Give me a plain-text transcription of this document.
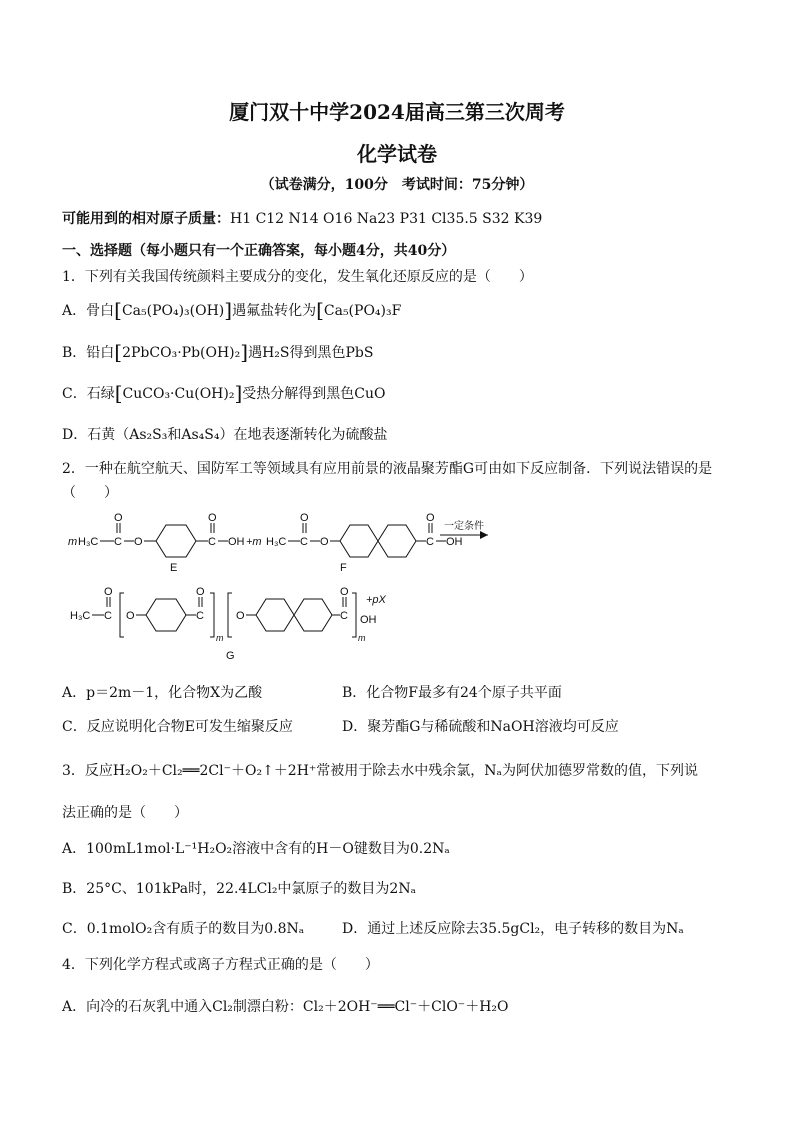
厦门双十中学2024届高三第三次周考
化学试卷
（试卷满分，100分　考试时间：75分钟）
可能用到的相对原子质量：H1 C12 N14 O16 Na23 P31 Cl35.5 S32 K39
一、选择题（每小题只有一个正确答案，每小题4分，共40分）
1．下列有关我国传统颜料主要成分的变化，发生氧化还原反应的是（　　）
A．骨白[Ca₅(PO₄)₃(OH)]遇氟盐转化为[Ca₅(PO₄)₃F
B．铅白[2PbCO₃·Pb(OH)₂]遇H₂S得到黑色PbS
C．石绿[CuCO₃·Cu(OH)₂]受热分解得到黑色CuO
D．石黄（As₂S₃和As₄S₄）在地表逐渐转化为硫酸盐
2．一种在航空航天、国防军工等领域具有应用前景的液晶聚芳酯G可由如下反应制备．下列说法错误的是
（　　）
m H₃C C
O
O	C
O
OH +m
E
H₃C C
O
O	C
O
OH
F
一定条件
H₃C C
O
O	C
O
m
O	C
O
m
OH
+pX
G
A．p＝2m－1，化合物X为乙酸	B．化合物F最多有24个原子共平面
C．反应说明化合物E可发生缩聚反应	D．聚芳酯G与稀硫酸和NaOH溶液均可反应
3．反应H₂O₂＋Cl₂══2Cl⁻＋O₂↑＋2H⁺常被用于除去水中残余氯，Nₐ为阿伏加德罗常数的值，下列说
法正确的是（　　）
A．100mL1mol·L⁻¹H₂O₂溶液中含有的H－O键数目为0.2Nₐ
B．25°C、101kPa时，22.4LCl₂中氯原子的数目为2Nₐ
C．0.1molO₂含有质子的数目为0.8Nₐ	D．通过上述反应除去35.5gCl₂，电子转移的数目为Nₐ
4．下列化学方程式或离子方程式正确的是（　　）
A．向冷的石灰乳中通入Cl₂制漂白粉：Cl₂＋2OH⁻══Cl⁻＋ClO⁻＋H₂O
